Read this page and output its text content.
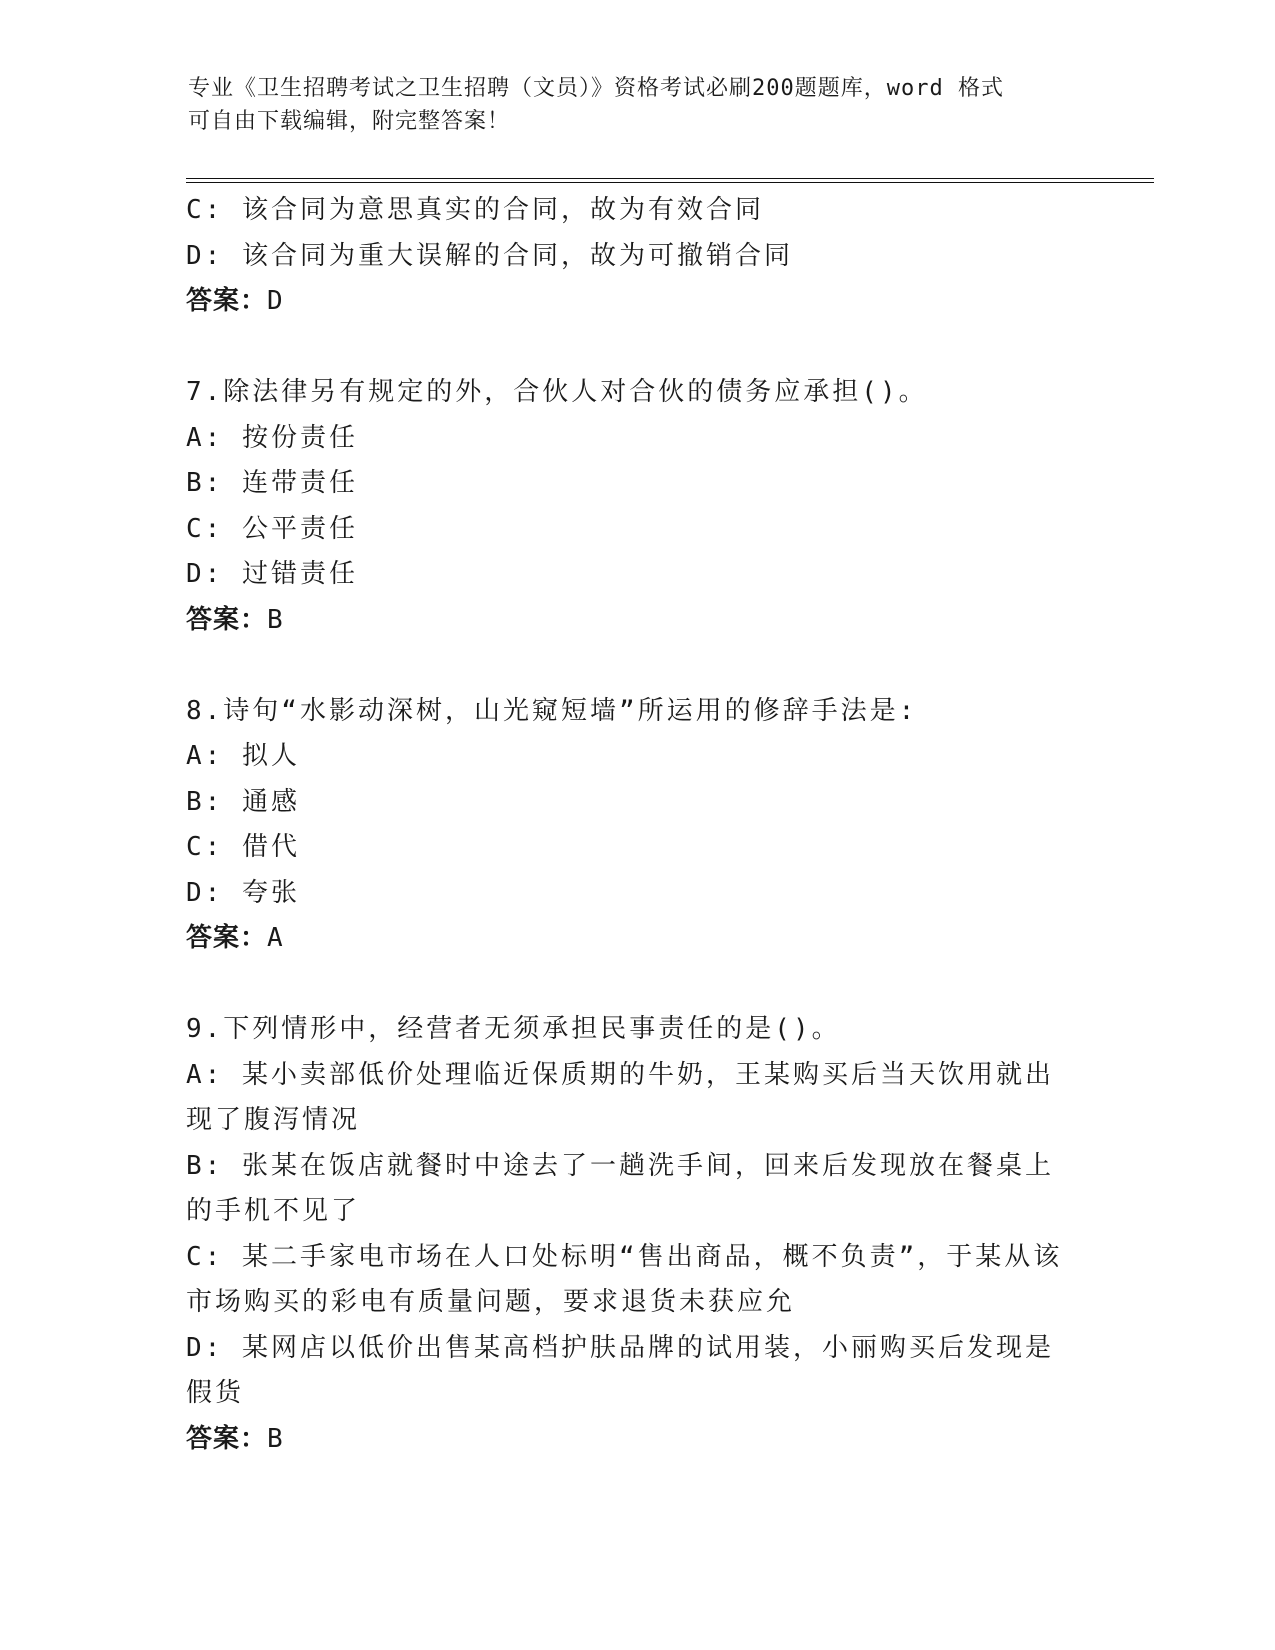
专业《卫生招聘考试之卫生招聘（文员）》资格考试必刷200题题库，word 格式
可自由下载编辑，附完整答案！
C: 该合同为意思真实的合同，故为有效合同
D: 该合同为重大误解的合同，故为可撤销合同
答案：D
7.除法律另有规定的外，合伙人对合伙的债务应承担()。
A: 按份责任
B: 连带责任
C: 公平责任
D: 过错责任
答案：B
8.诗句“水影动深树，山光窥短墙”所运用的修辞手法是:
A: 拟人
B: 通感
C: 借代
D: 夸张
答案：A
9.下列情形中，经营者无须承担民事责任的是()。
A: 某小卖部低价处理临近保质期的牛奶，王某购买后当天饮用就出现了腹泻情况
B: 张某在饭店就餐时中途去了一趟洗手间，回来后发现放在餐桌上的手机不见了
C: 某二手家电市场在人口处标明“售出商品，概不负责”，于某从该市场购买的彩电有质量问题，要求退货未获应允
D: 某网店以低价出售某高档护肤品牌的试用装，小丽购买后发现是假货
答案：B
